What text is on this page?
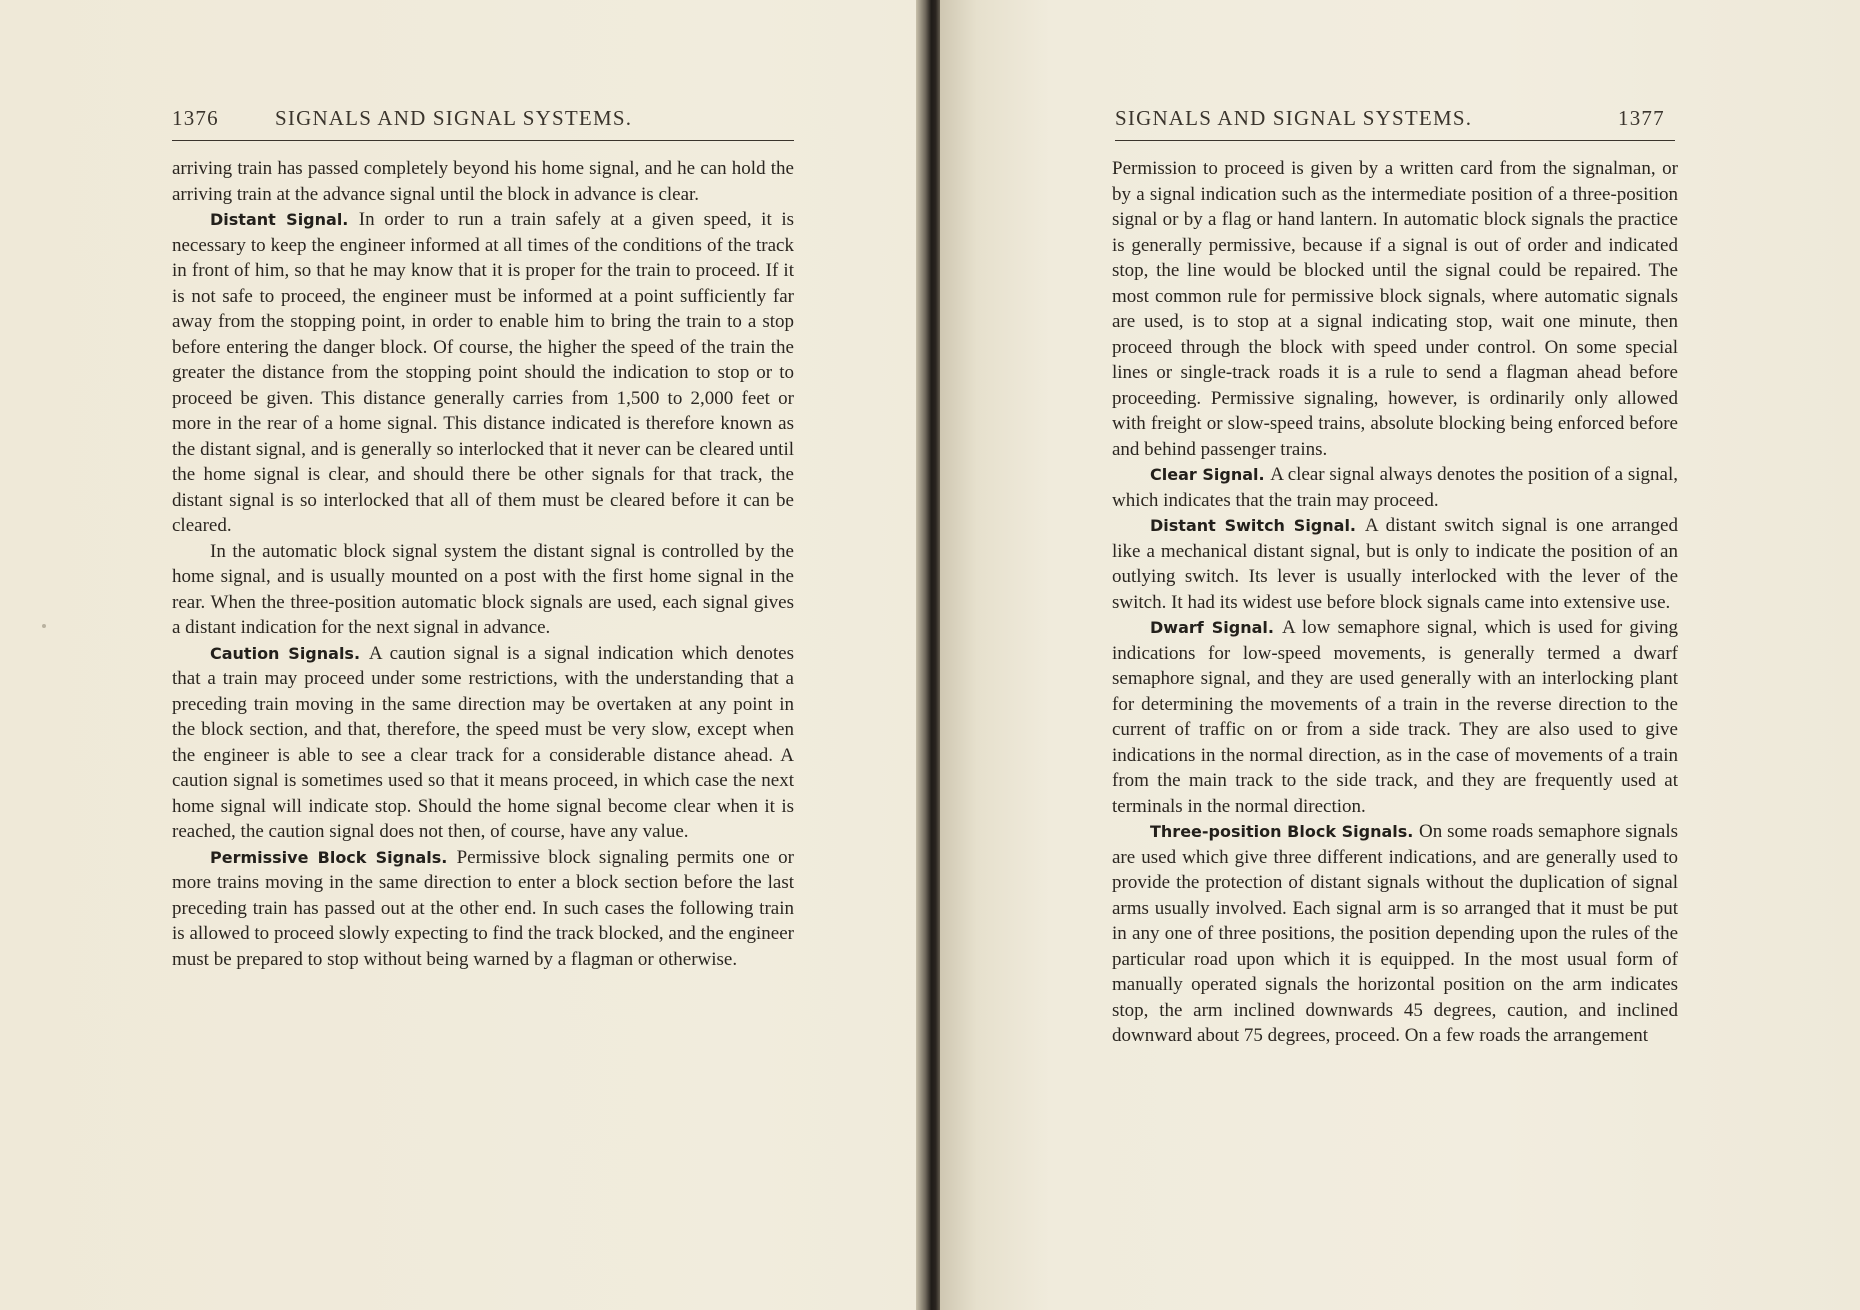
1376	SIGNALS AND SIGNAL SYSTEMS.

arriving train has passed completely beyond his home signal, and he can hold the arriving train at the advance signal until the block in advance is clear.

Distant Signal. In order to run a train safely at a given speed, it is necessary to keep the engineer informed at all times of the conditions of the track in front of him, so that he may know that it is proper for the train to proceed. If it is not safe to proceed, the engineer must be informed at a point sufficiently far away from the stopping point, in order to enable him to bring the train to a stop before entering the danger block. Of course, the higher the speed of the train the greater the distance from the stopping point should the indication to stop or to proceed be given. This distance generally carries from 1,500 to 2,000 feet or more in the rear of a home signal. This distance indicated is therefore known as the distant signal, and is generally so interlocked that it never can be cleared until the home signal is clear, and should there be other signals for that track, the distant signal is so interlocked that all of them must be cleared before it can be cleared.

In the automatic block signal system the distant signal is controlled by the home signal, and is usually mounted on a post with the first home signal in the rear. When the three-position automatic block signals are used, each signal gives a distant indication for the next signal in advance.

Caution Signals. A caution signal is a signal indication which denotes that a train may proceed under some restrictions, with the understanding that a preceding train moving in the same direction may be overtaken at any point in the block section, and that, therefore, the speed must be very slow, except when the engineer is able to see a clear track for a considerable distance ahead. A caution signal is sometimes used so that it means proceed, in which case the next home signal will indicate stop. Should the home signal become clear when it is reached, the caution signal does not then, of course, have any value.

Permissive Block Signals. Permissive block signaling permits one or more trains moving in the same direction to enter a block section before the last preceding train has passed out at the other end. In such cases the following train is allowed to proceed slowly expecting to find the track blocked, and the engineer must be prepared to stop without being warned by a flagman or otherwise.

SIGNALS AND SIGNAL SYSTEMS.	1377

Permission to proceed is given by a written card from the signalman, or by a signal indication such as the intermediate position of a three-position signal or by a flag or hand lantern. In automatic block signals the practice is generally permissive, because if a signal is out of order and indicated stop, the line would be blocked until the signal could be repaired. The most common rule for permissive block signals, where automatic signals are used, is to stop at a signal indicating stop, wait one minute, then proceed through the block with speed under control. On some special lines or single-track roads it is a rule to send a flagman ahead before proceeding. Permissive signaling, however, is ordinarily only allowed with freight or slow-speed trains, absolute blocking being enforced before and behind passenger trains.

Clear Signal. A clear signal always denotes the position of a signal, which indicates that the train may proceed.

Distant Switch Signal. A distant switch signal is one arranged like a mechanical distant signal, but is only to indicate the position of an outlying switch. Its lever is usually interlocked with the lever of the switch. It had its widest use before block signals came into extensive use.

Dwarf Signal. A low semaphore signal, which is used for giving indications for low-speed movements, is generally termed a dwarf semaphore signal, and they are used generally with an interlocking plant for determining the movements of a train in the reverse direction to the current of traffic on or from a side track. They are also used to give indications in the normal direction, as in the case of movements of a train from the main track to the side track, and they are frequently used at terminals in the normal direction.

Three-position Block Signals. On some roads semaphore signals are used which give three different indications, and are generally used to provide the protection of distant signals without the duplication of signal arms usually involved. Each signal arm is so arranged that it must be put in any one of three positions, the position depending upon the rules of the particular road upon which it is equipped. In the most usual form of manually operated signals the horizontal position on the arm indicates stop, the arm inclined downwards 45 degrees, caution, and inclined downward about 75 degrees, proceed. On a few roads the arrangement
